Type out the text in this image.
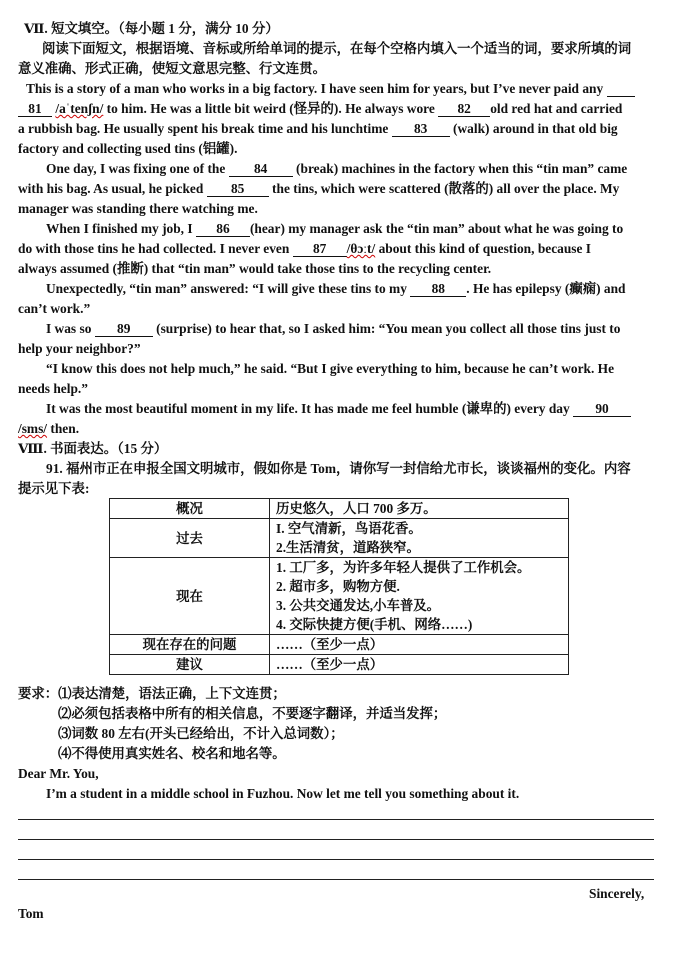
Ⅶ. 短文填空。（每小题 1 分，满分 10 分）
阅读下面短文，根据语境、音标或所给单词的提示，在每个空格内填入一个适当的词，要求所填的词
意义准确、形式正确，使短文意思完整、行文连贯。
This is a story of a man who works in a big factory. I have seen him for years, but I’ve never paid any
81 /aˈtenʃn/ to him. He was a little bit weird (怪异的). He always wore 82 old red hat and carried
a rubbish bag. He usually spent his break time and his lunchtime 83 (walk) around in that old big
factory and collecting used tins (铝罐).
One day, I was fixing one of the 84 (break) machines in the factory when this “tin man” came
with his bag. As usual, he picked 85 the tins, which were scattered (散落的) all over the place. My
manager was standing there watching me.
When I finished my job, I 86 (hear) my manager ask the “tin man” about what he was going to
do with those tins he had collected. I never even 87 /θɔːt/ about this kind of question, because I
always assumed (推断) that “tin man” would take those tins to the recycling center.
Unexpectedly, “tin man” answered: “I will give these tins to my 88 . He has epilepsy (癫痫) and
can’t work.”
I was so 89 (surprise) to hear that, so I asked him: “You mean you collect all those tins just to
help your neighbor?”
“I know this does not help much,” he said. “But I give everything to him, because he can’t work. He
needs help.”
It was the most beautiful moment in my life. It has made me feel humble (谦卑的) every day 90
/sms/ then.
Ⅷ. 书面表达。（15 分）
91. 福州市正在申报全国文明城市，假如你是 Tom，请你写一封信给尤市长，谈谈福州的变化。内容
提示见下表:
概况	历史悠久，人口 700 多万。
过去	I. 空气清新，鸟语花香。
2.生活清贫，道路狭窄。

现在	1. 工厂多，为许多年轻人提供了工作机会。
2. 超市多，购物方便.
3. 公共交通发达,小车普及。
4. 交际快捷方便(手机、网络……)

现在存在的问题	……（至少一点）
建议	……（至少一点）
要求：⑴表达清楚，语法正确，上下文连贯；
⑵必须包括表格中所有的相关信息，不要逐字翻译，并适当发挥；
⑶词数 80 左右(开头已经给出，不计入总词数）；
⑷不得使用真实姓名、校名和地名等。
Dear Mr. You,
I’m a student in a middle school in Fuzhou. Now let me tell you something about it.
Sincerely,
Tom
